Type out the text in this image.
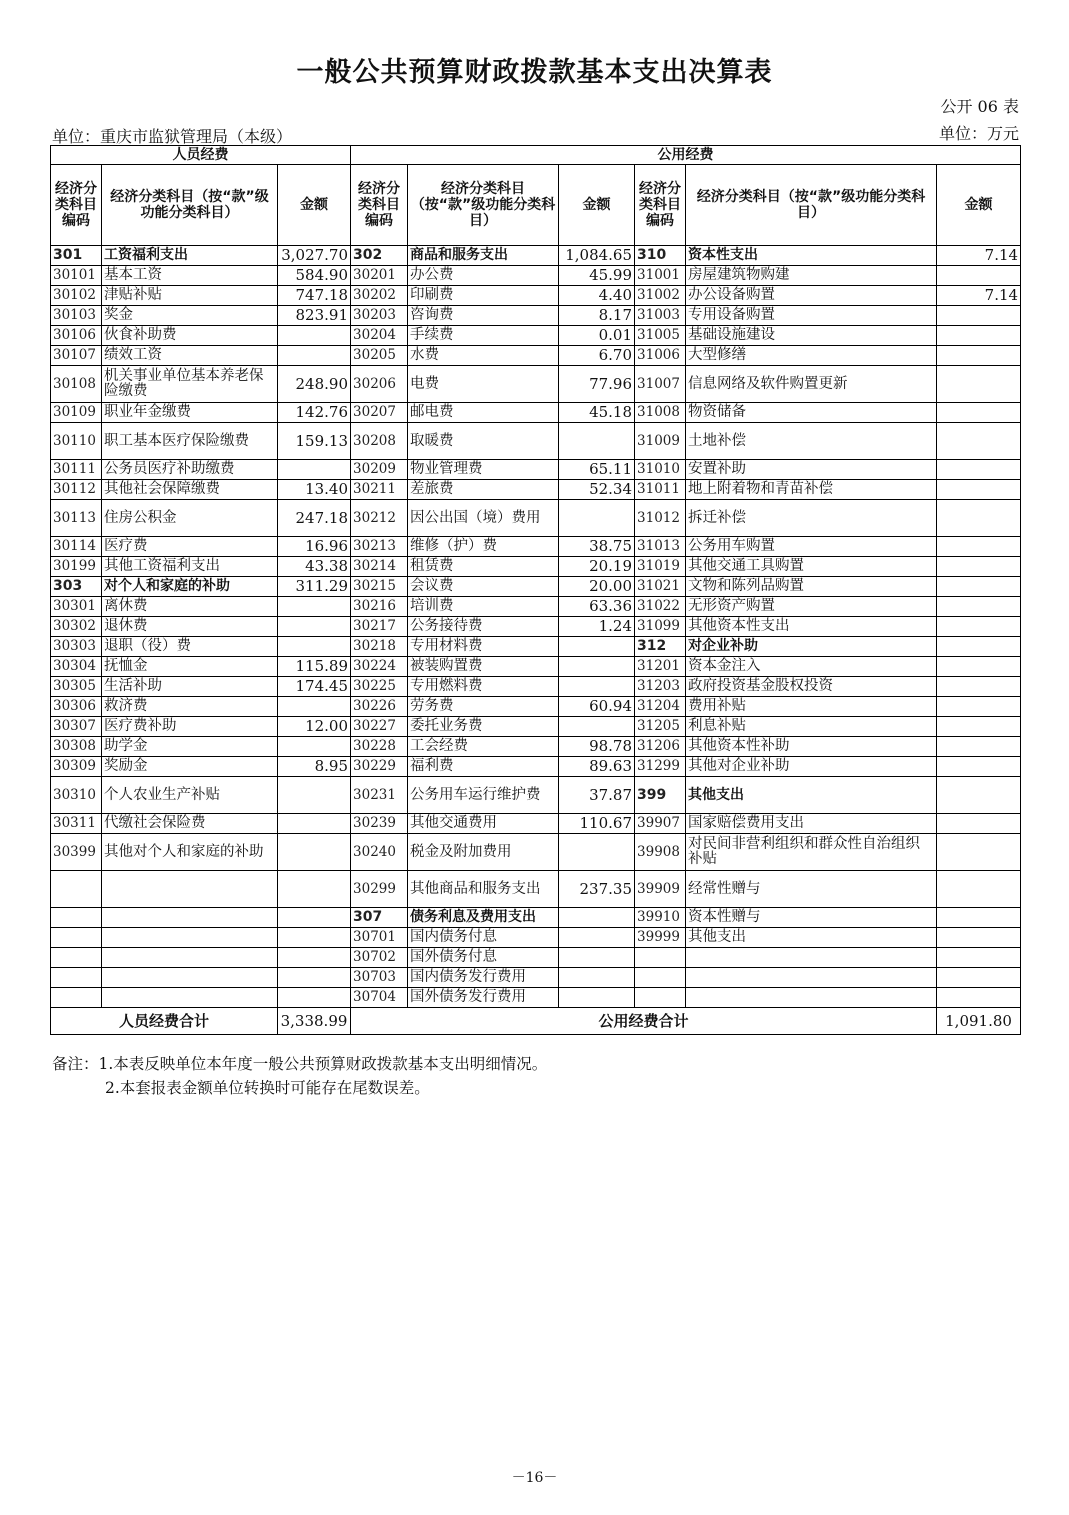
一般公共预算财政拨款基本支出决算表
公开 06 表
单位：重庆市监狱管理局（本级）	单位：万元
人员经费			公用经费					
经济分类科目编码	经济分类科目（按“款”级功能分类科目）	金额	经济分类科目编码	经济分类科目（按“款”级功能分类科目）	金额	经济分类科目编码	经济分类科目（按“款”级功能分类科目）	金额
301	工资福利支出	3,027.70	302	商品和服务支出	1,084.65	310	资本性支出	7.14
30101	基本工资	584.90	30201	办公费	45.99	31001	房屋建筑物购建	
30102	津贴补贴	747.18	30202	印刷费	4.40	31002	办公设备购置	7.14
30103	奖金	823.91	30203	咨询费	8.17	31003	专用设备购置	
30106	伙食补助费		30204	手续费	0.01	31005	基础设施建设	
30107	绩效工资		30205	水费	6.70	31006	大型修缮	
30108	机关事业单位基本养老保险缴费	248.90	30206	电费	77.96	31007	信息网络及软件购置更新	
30109	职业年金缴费	142.76	30207	邮电费	45.18	31008	物资储备	
30110	职工基本医疗保险缴费	159.13	30208	取暖费		31009	土地补偿	
30111	公务员医疗补助缴费		30209	物业管理费	65.11	31010	安置补助	
30112	其他社会保障缴费	13.40	30211	差旅费	52.34	31011	地上附着物和青苗补偿	
30113	住房公积金	247.18	30212	因公出国（境）费用		31012	拆迁补偿	
30114	医疗费	16.96	30213	维修（护）费	38.75	31013	公务用车购置	
30199	其他工资福利支出	43.38	30214	租赁费	20.19	31019	其他交通工具购置	
303	对个人和家庭的补助	311.29	30215	会议费	20.00	31021	文物和陈列品购置	
30301	离休费		30216	培训费	63.36	31022	无形资产购置	
30302	退休费		30217	公务接待费	1.24	31099	其他资本性支出	
30303	退职（役）费		30218	专用材料费		312	对企业补助	
30304	抚恤金	115.89	30224	被装购置费		31201	资本金注入	
30305	生活补助	174.45	30225	专用燃料费		31203	政府投资基金股权投资	
30306	救济费		30226	劳务费	60.94	31204	费用补贴	
30307	医疗费补助	12.00	30227	委托业务费		31205	利息补贴	
30308	助学金		30228	工会经费	98.78	31206	其他资本性补助	
30309	奖励金	8.95	30229	福利费	89.63	31299	其他对企业补助	
30310	个人农业生产补贴		30231	公务用车运行维护费	37.87	399	其他支出	
30311	代缴社会保险费		30239	其他交通费用	110.67	39907	国家赔偿费用支出	
30399	其他对个人和家庭的补助		30240	税金及附加费用		39908	对民间非营利组织和群众性自治组织补贴	
			30299	其他商品和服务支出	237.35	39909	经常性赠与	
			307	债务利息及费用支出		39910	资本性赠与	
			30701	国内债务付息		39999	其他支出	
			30702	国外债务付息				
			30703	国内债务发行费用				
			30704	国外债务发行费用				
人员经费合计		3,338.99	公用经费合计					1,091.80
备注：1.本表反映单位本年度一般公共预算财政拨款基本支出明细情况。
2.本套报表金额单位转换时可能存在尾数误差。
－16－
